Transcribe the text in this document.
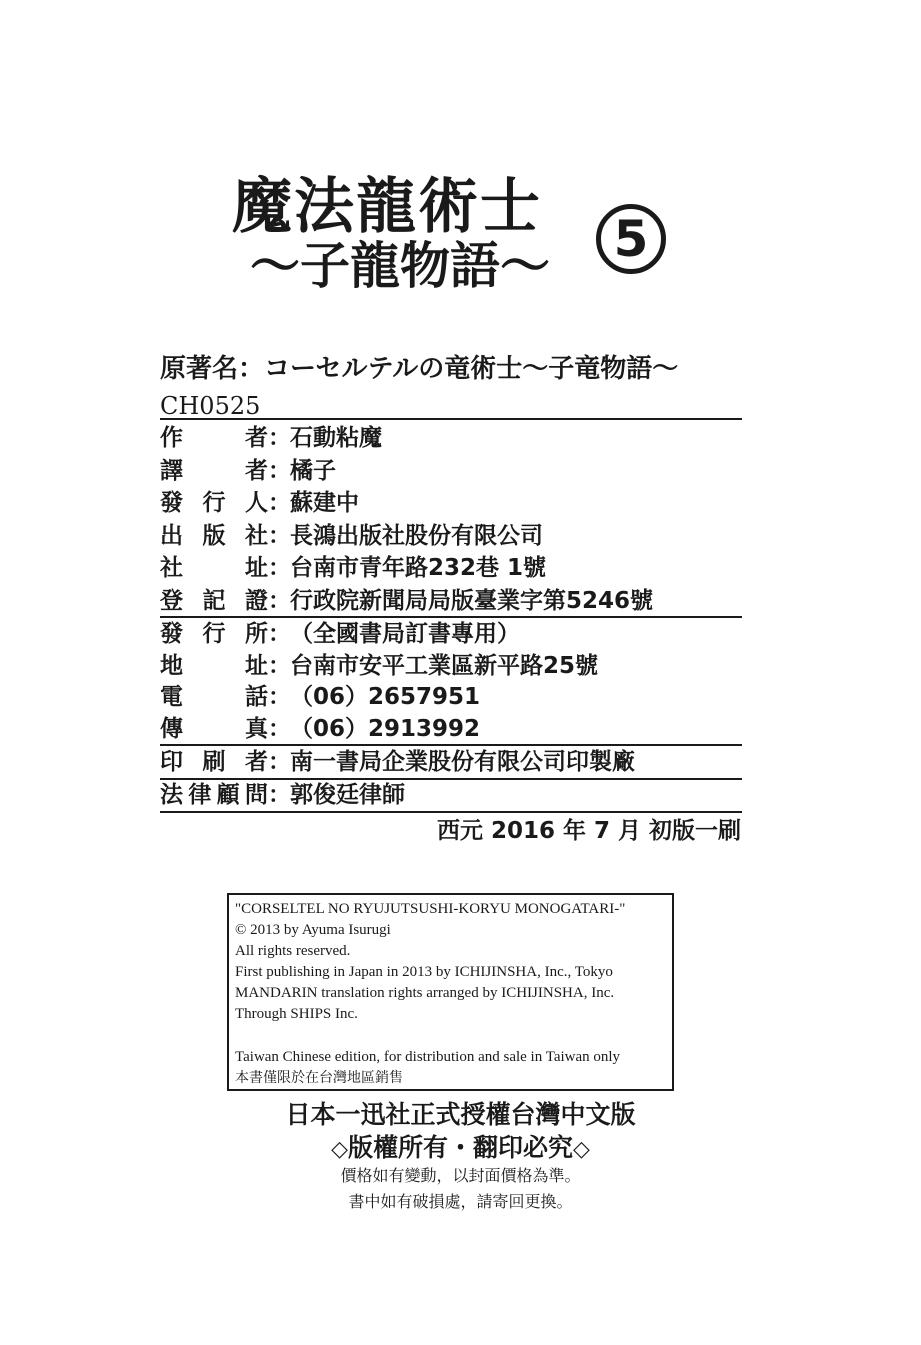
魔法龍術士
～子龍物語～ 5
原著名：コーセルテルの竜術士～子竜物語～
CH0525
作	者 ： 石動粘魔
譯	者 ： 橘子
發 行 人 ： 蘇建中
出 版 社 ： 長鴻出版社股份有限公司
社	址 ： 台南市青年路232巷 1號
登 記 證 ： 行政院新聞局局版臺業字第5246號
發 行 所 ： （全國書局訂書專用）
地	址 ： 台南市安平工業區新平路25號
電	話 ： （06）2657951
傳	真 ： （06）2913992
印 刷 者 ： 南一書局企業股份有限公司印製廠
法 律 顧 問 ： 郭俊廷律師
西元 2016 年 7 月 初版一刷
"CORSELTEL NO RYUJUTSUSHI-KORYU MONOGATARI-"
© 2013 by Ayuma Isurugi
All rights reserved.
First publishing in Japan in 2013 by ICHIJINSHA, Inc., Tokyo
MANDARIN translation rights arranged by ICHIJINSHA, Inc.
Through SHIPS Inc.
Taiwan Chinese edition, for distribution and sale in Taiwan only
本書僅限於在台灣地區銷售
日本一迅社正式授權台灣中文版
◇版權所有・翻印必究◇
價格如有變動，以封面價格為準。
書中如有破損處，請寄回更換。
